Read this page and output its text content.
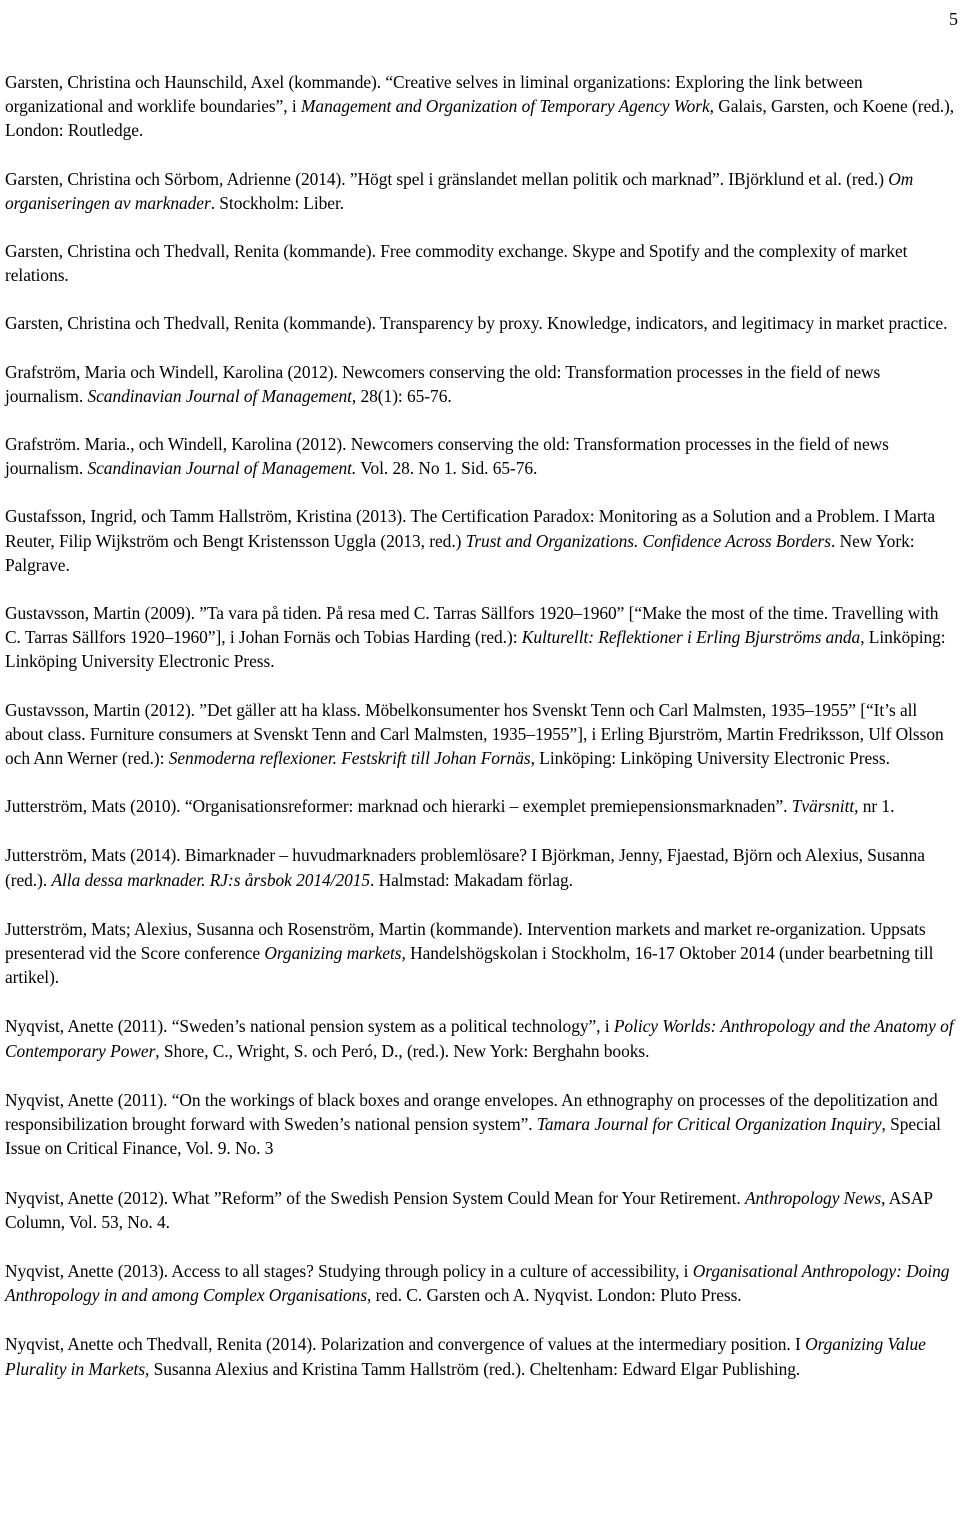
5

Garsten, Christina och Haunschild, Axel (kommande). “Creative selves in liminal organizations: Exploring the link between organizational and worklife boundaries”, i Management and Organization of Temporary Agency Work, Galais, Garsten, och Koene (red.), London: Routledge.

Garsten, Christina och Sörbom, Adrienne (2014). ”Högt spel i gränslandet mellan politik och marknad”. IBjörklund et al. (red.) Om organiseringen av marknader. Stockholm: Liber.

Garsten, Christina och Thedvall, Renita (kommande). Free commodity exchange. Skype and Spotify and the complexity of market relations.

Garsten, Christina och Thedvall, Renita (kommande). Transparency by proxy. Knowledge, indicators, and legitimacy in market practice.

Grafström, Maria och Windell, Karolina (2012). Newcomers conserving the old: Transformation processes in the field of news journalism. Scandinavian Journal of Management, 28(1): 65-76.

Grafström. Maria., och Windell, Karolina (2012). Newcomers conserving the old: Transformation processes in the field of news journalism. Scandinavian Journal of Management. Vol. 28. No 1. Sid. 65-76.

Gustafsson, Ingrid, och Tamm Hallström, Kristina (2013). The Certification Paradox: Monitoring as a Solution and a Problem. I Marta Reuter, Filip Wijkström och Bengt Kristensson Uggla (2013, red.) Trust and Organizations. Confidence Across Borders. New York: Palgrave.

Gustavsson, Martin (2009). ”Ta vara på tiden. På resa med C. Tarras Sällfors 1920–1960” [“Make the most of the time. Travelling with C. Tarras Sällfors 1920–1960”], i Johan Fornäs och Tobias Harding (red.): Kulturellt: Reflektioner i Erling Bjurströms anda, Linköping: Linköping University Electronic Press.

Gustavsson, Martin (2012). ”Det gäller att ha klass. Möbelkonsumenter hos Svenskt Tenn och Carl Malmsten, 1935–1955” [“It’s all about class. Furniture consumers at Svenskt Tenn and Carl Malmsten, 1935–1955”], i Erling Bjurström, Martin Fredriksson, Ulf Olsson och Ann Werner (red.): Senmoderna reflexioner. Festskrift till Johan Fornäs, Linköping: Linköping University Electronic Press.

Jutterström, Mats (2010). “Organisationsreformer: marknad och hierarki – exemplet premiepensionsmarknaden”. Tvärsnitt, nr 1.

Jutterström, Mats (2014). Bimarknader – huvudmarknaders problemlösare? I Björkman, Jenny, Fjaestad, Björn och Alexius, Susanna (red.). Alla dessa marknader. RJ:s årsbok 2014/2015. Halmstad: Makadam förlag.

Jutterström, Mats; Alexius, Susanna och Rosenström, Martin (kommande). Intervention markets and market re-organization. Uppsats presenterad vid the Score conference Organizing markets, Handelshögskolan i Stockholm, 16-17 Oktober 2014 (under bearbetning till artikel).

Nyqvist, Anette (2011). “Sweden’s national pension system as a political technology”, i Policy Worlds: Anthropology and the Anatomy of Contemporary Power, Shore, C., Wright, S. och Peró, D., (red.). New York: Berghahn books.

Nyqvist, Anette (2011). “On the workings of black boxes and orange envelopes. An ethnography on processes of the depolitization and responsibilization brought forward with Sweden’s national pension system”. Tamara Journal for Critical Organization Inquiry, Special Issue on Critical Finance, Vol. 9. No. 3

Nyqvist, Anette (2012). What ”Reform” of the Swedish Pension System Could Mean for Your Retirement. Anthropology News, ASAP Column, Vol. 53, No. 4.

Nyqvist, Anette (2013). Access to all stages? Studying through policy in a culture of accessibility, i Organisational Anthropology: Doing Anthropology in and among Complex Organisations, red. C. Garsten och A. Nyqvist. London: Pluto Press.

Nyqvist, Anette och Thedvall, Renita (2014). Polarization and convergence of values at the intermediary position. I Organizing Value Plurality in Markets, Susanna Alexius and Kristina Tamm Hallström (red.). Cheltenham: Edward Elgar Publishing.
